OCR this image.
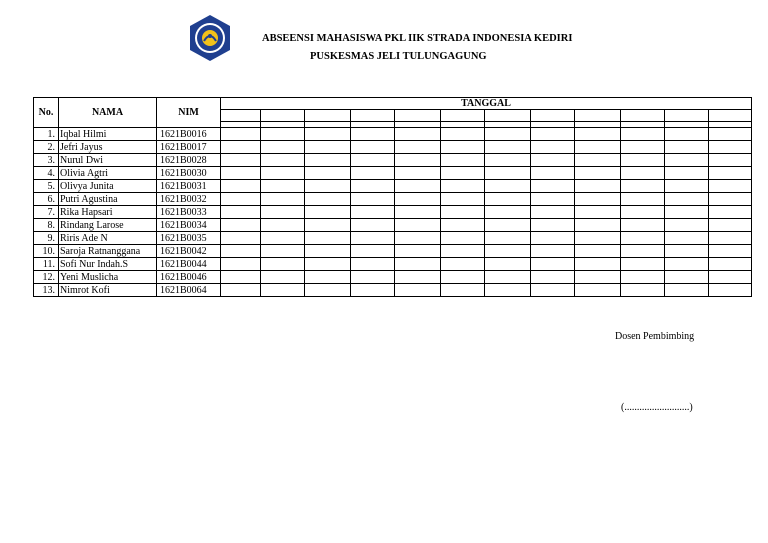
ABSEENSI MAHASISWA PKL IIK STRADA INDONESIA KEDIRI
PUSKESMAS JELI TULUNGAGUNG
No.	NAMA	NIM	TANGGAL											

1.	Iqbal Hilmi	1621B0016												
2.	Jefri Jayus	1621B0017												
3.	Nurul Dwi	1621B0028												
4.	Olivia Agtri	1621B0030												
5.	Olivya Junita	1621B0031												
6.	Putri Agustina	1621B0032												
7.	Rika Hapsari	1621B0033												
8.	Rindang Larose	1621B0034												
9.	Riris Ade N	1621B0035												
10.	Saroja Ratnanggana	1621B0042												
11.	Sofi Nur Indah.S	1621B0044												
12.	Yeni Muslicha	1621B0046												
13.	Nimrot Kofi	1621B0064												
Dosen Pembimbing
(..........................)
